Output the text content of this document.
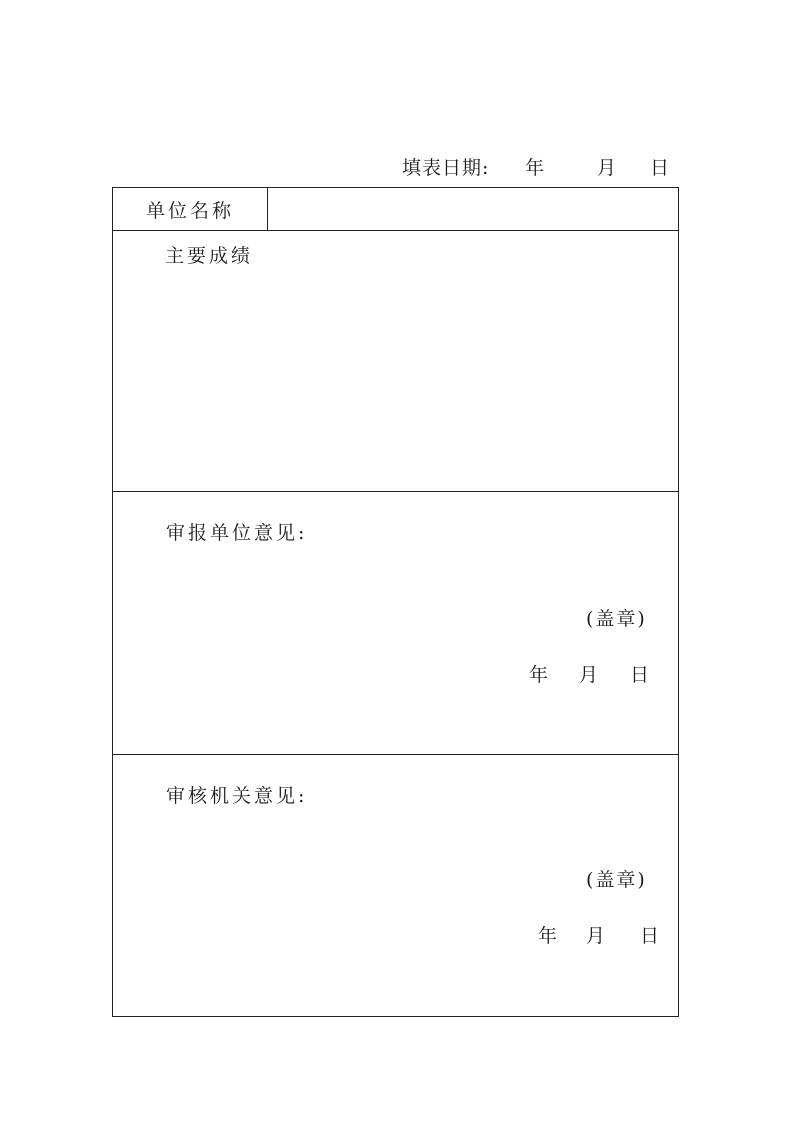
填表日期: 年	月 日
单位名称
主要成绩
审报单位意见:
(盖章)
年 月 日
审核机关意见:
(盖章)
年 月 日
